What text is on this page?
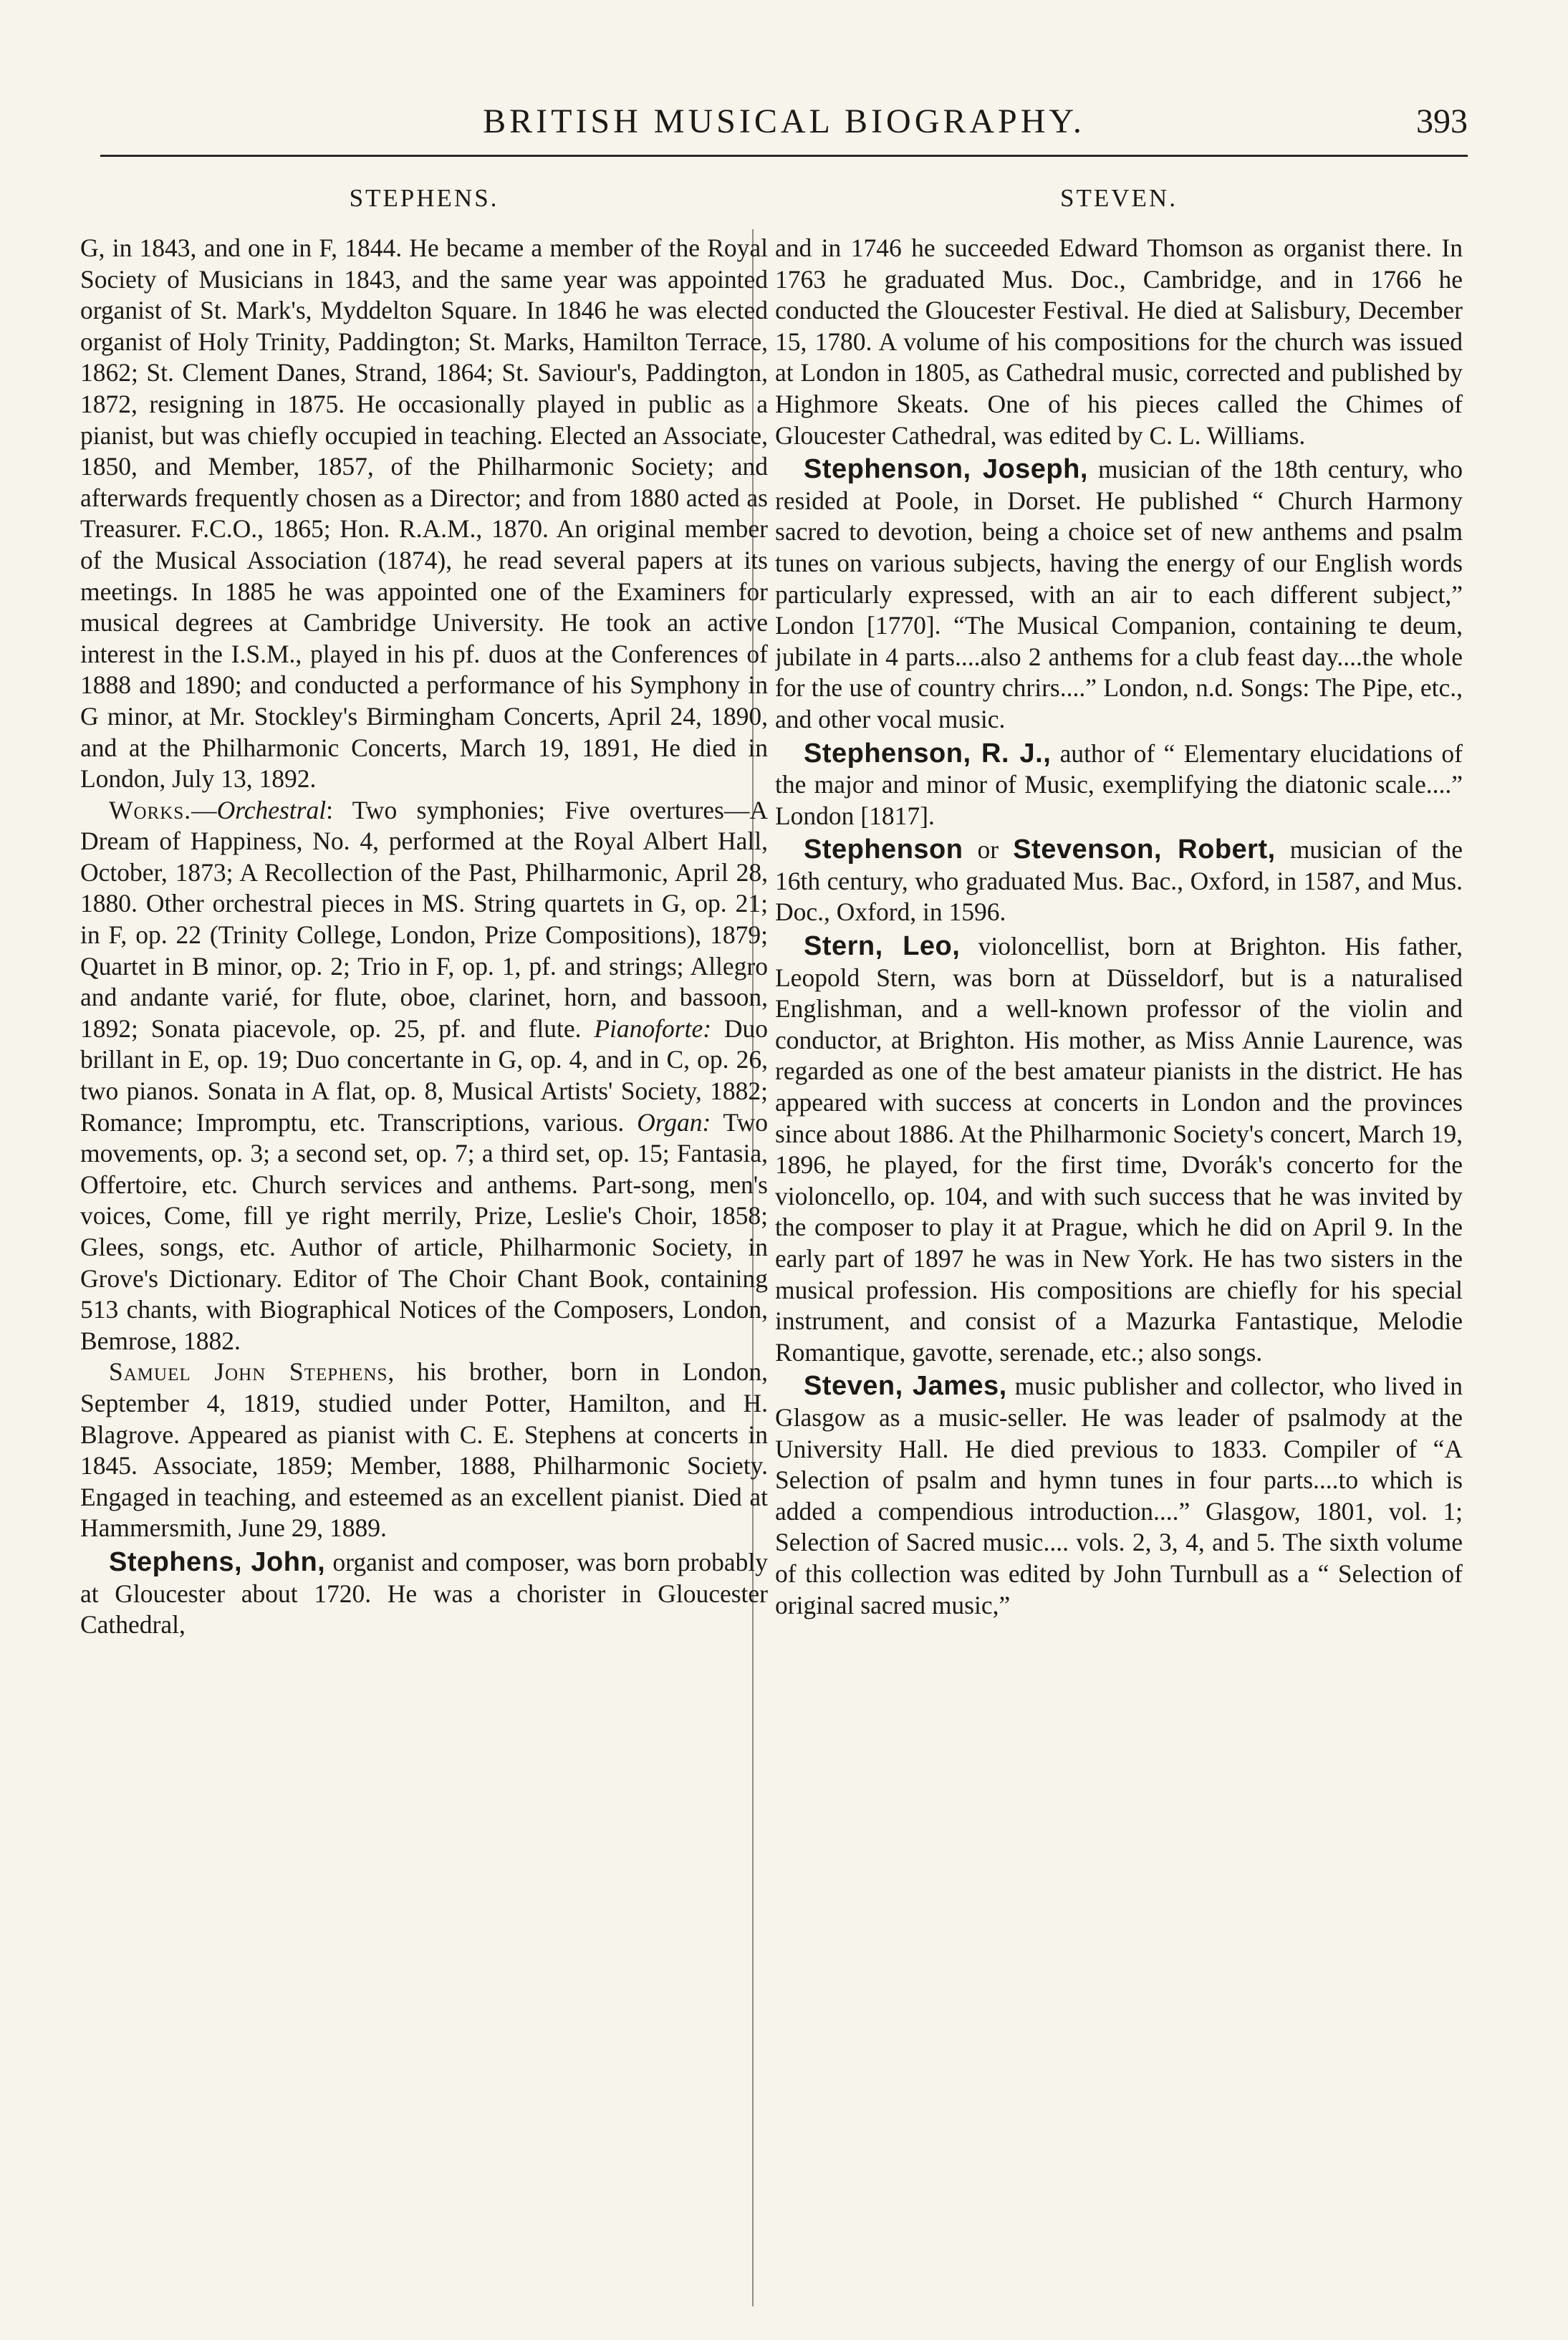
BRITISH MUSICAL BIOGRAPHY.	393
STEPHENS.

G, in 1843, and one in F, 1844. He became a member of the Royal Society of Musicians in 1843, and the same year was appointed organist of St. Mark's, Myddelton Square. In 1846 he was elected organist of Holy Trinity, Paddington; St. Marks, Hamilton Terrace, 1862; St. Clement Danes, Strand, 1864; St. Saviour's, Paddington, 1872, resigning in 1875. He occasionally played in public as a pianist, but was chiefly occupied in teaching. Elected an Associate, 1850, and Member, 1857, of the Philharmonic Society; and afterwards frequently chosen as a Director; and from 1880 acted as Treasurer. F.C.O., 1865; Hon. R.A.M., 1870. An original member of the Musical Association (1874), he read several papers at its meetings. In 1885 he was appointed one of the Examiners for musical degrees at Cambridge University. He took an active interest in the I.S.M., played in his pf. duos at the Conferences of 1888 and 1890; and conducted a performance of his Symphony in G minor, at Mr. Stockley's Birmingham Concerts, April 24, 1890, and at the Philharmonic Concerts, March 19, 1891, He died in London, July 13, 1892.

Works.—Orchestral: Two symphonies; Five overtures—A Dream of Happiness, No. 4, performed at the Royal Albert Hall, October, 1873; A Recollection of the Past, Philharmonic, April 28, 1880. Other orchestral pieces in MS. String quartets in G, op. 21; in F, op. 22 (Trinity College, London, Prize Compositions), 1879; Quartet in B minor, op. 2; Trio in F, op. 1, pf. and strings; Allegro and andante varié, for flute, oboe, clarinet, horn, and bassoon, 1892; Sonata piacevole, op. 25, pf. and flute. Pianoforte: Duo brillant in E, op. 19; Duo concertante in G, op. 4, and in C, op. 26, two pianos. Sonata in A flat, op. 8, Musical Artists' Society, 1882; Romance; Impromptu, etc. Transcriptions, various. Organ: Two movements, op. 3; a second set, op. 7; a third set, op. 15; Fantasia, Offertoire, etc. Church services and anthems. Part-song, men's voices, Come, fill ye right merrily, Prize, Leslie's Choir, 1858; Glees, songs, etc. Author of article, Philharmonic Society, in Grove's Dictionary. Editor of The Choir Chant Book, containing 513 chants, with Biographical Notices of the Composers, London, Bemrose, 1882.

Samuel John Stephens, his brother, born in London, September 4, 1819, studied under Potter, Hamilton, and H. Blagrove. Appeared as pianist with C. E. Stephens at concerts in 1845. Associate, 1859; Member, 1888, Philharmonic Society. Engaged in teaching, and esteemed as an excellent pianist. Died at Hammersmith, June 29, 1889.

Stephens, John, organist and composer, was born probably at Gloucester about 1720. He was a chorister in Gloucester Cathedral,

STEVEN.

and in 1746 he succeeded Edward Thomson as organist there. In 1763 he graduated Mus. Doc., Cambridge, and in 1766 he conducted the Gloucester Festival. He died at Salisbury, December 15, 1780. A volume of his compositions for the church was issued at London in 1805, as Cathedral music, corrected and published by Highmore Skeats. One of his pieces called the Chimes of Gloucester Cathedral, was edited by C. L. Williams.

Stephenson, Joseph, musician of the 18th century, who resided at Poole, in Dorset. He published “ Church Harmony sacred to devotion, being a choice set of new anthems and psalm tunes on various subjects, having the energy of our English words particularly expressed, with an air to each different subject,” London [1770]. “The Musical Companion, containing te deum, jubilate in 4 parts....also 2 anthems for a club feast day....the whole for the use of country chrirs....” London, n.d. Songs: The Pipe, etc., and other vocal music.

Stephenson, R. J., author of “ Elementary elucidations of the major and minor of Music, exemplifying the diatonic scale....” London [1817].

Stephenson or Stevenson, Robert, musician of the 16th century, who graduated Mus. Bac., Oxford, in 1587, and Mus. Doc., Oxford, in 1596.

Stern, Leo, violoncellist, born at Brighton. His father, Leopold Stern, was born at Düsseldorf, but is a naturalised Englishman, and a well-known professor of the violin and conductor, at Brighton. His mother, as Miss Annie Laurence, was regarded as one of the best amateur pianists in the district. He has appeared with success at concerts in London and the provinces since about 1886. At the Philharmonic Society's concert, March 19, 1896, he played, for the first time, Dvorák's concerto for the violoncello, op. 104, and with such success that he was invited by the composer to play it at Prague, which he did on April 9. In the early part of 1897 he was in New York. He has two sisters in the musical profession. His compositions are chiefly for his special instrument, and consist of a Mazurka Fantastique, Melodie Romantique, gavotte, serenade, etc.; also songs.

Steven, James, music publisher and collector, who lived in Glasgow as a music-seller. He was leader of psalmody at the University Hall. He died previous to 1833. Compiler of “A Selection of psalm and hymn tunes in four parts....to which is added a compendious introduction....” Glasgow, 1801, vol. 1; Selection of Sacred music.... vols. 2, 3, 4, and 5. The sixth volume of this collection was edited by John Turnbull as a “ Selection of original sacred music,”
